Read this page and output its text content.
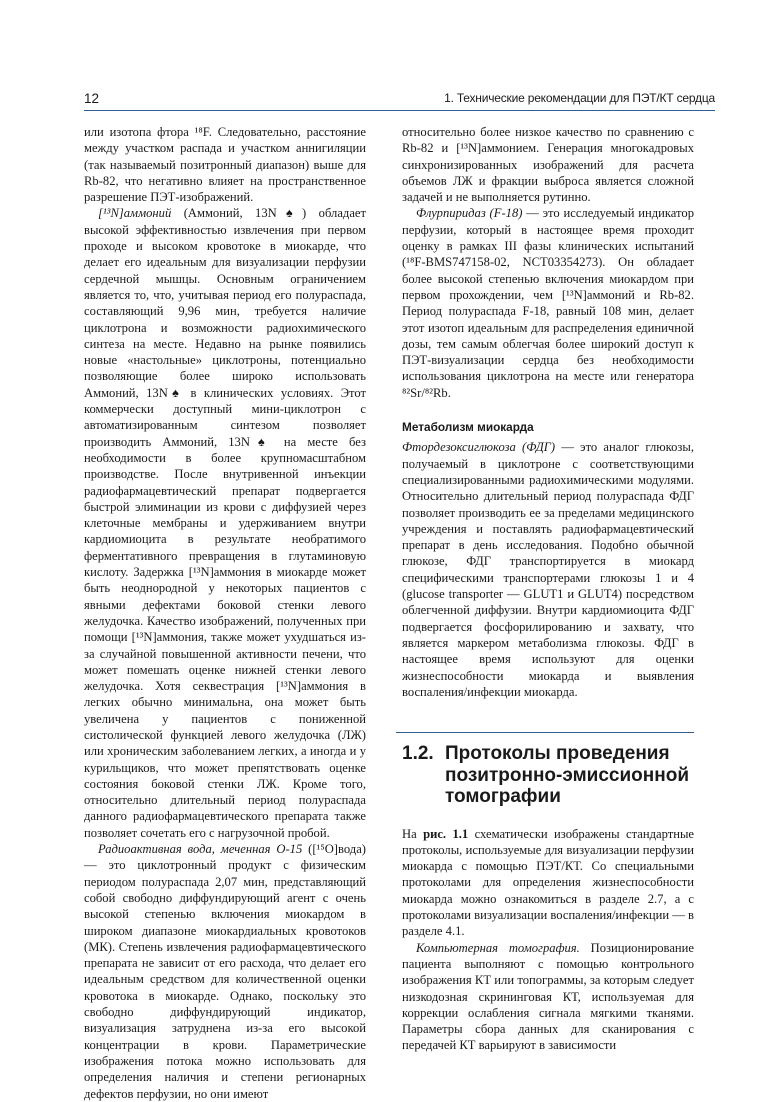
12	1. Технические рекомендации для ПЭТ/КТ сердца

или изотопа фтора ¹⁸F. Следовательно, расстояние между участком распада и участком аннигиляции (так называемый позитронный диапазон) выше для Rb-82, что негативно влияет на пространственное разрешение ПЭТ-изображений.

[¹³N]аммоний (Аммоний, 13N♠) обладает высокой эффективностью извлечения при первом проходе и высоком кровотоке в миокарде, что делает его идеальным для визуализации перфузии сердечной мышцы. Основным ограничением является то, что, учитывая период его полураспада, составляющий 9,96 мин, требуется наличие циклотрона и возможности радиохимического синтеза на месте. Недавно на рынке появились новые «настольные» циклотроны, потенциально позволяющие более широко использовать Аммоний, 13N♠ в клинических условиях. Этот коммерчески доступный мини-циклотрон с автоматизированным синтезом позволяет производить Аммоний, 13N♠ на месте без необходимости в более крупномасштабном производстве. После внутривенной инъекции радиофармацевтический препарат подвергается быстрой элиминации из крови с диффузией через клеточные мембраны и удерживанием внутри кардиомиоцита в результате необратимого ферментативного превращения в глутаминовую кислоту. Задержка [¹³N]аммония в миокарде может быть неоднородной у некоторых пациентов с явными дефектами боковой стенки левого желудочка. Качество изображений, полученных при помощи [¹³N]аммония, также может ухудшаться из-за случайной повышенной активности печени, что может помешать оценке нижней стенки левого желудочка. Хотя секвестрация [¹³N]аммония в легких обычно минимальна, она может быть увеличена у пациентов с пониженной систолической функцией левого желудочка (ЛЖ) или хроническим заболеванием легких, а иногда и у курильщиков, что может препятствовать оценке состояния боковой стенки ЛЖ. Кроме того, относительно длительный период полураспада данного радиофармацевтического препарата также позволяет сочетать его с нагрузочной пробой.

Радиоактивная вода, меченная О-15 ([¹⁵O]вода) — это циклотронный продукт с физическим периодом полураспада 2,07 мин, представляющий собой свободно диффундирующий агент с очень высокой степенью включения миокардом в широком диапазоне миокардиальных кровотоков (МК). Степень извлечения радиофармацевтического препарата не зависит от его расхода, что делает его идеальным средством для количественной оценки кровотока в миокарде. Однако, поскольку это свободно диффундирующий индикатор, визуализация затруднена из-за его высокой концентрации в крови. Параметрические изображения потока можно использовать для определения наличия и степени регионарных дефектов перфузии, но они имеют

относительно более низкое качество по сравнению с Rb-82 и [¹³N]аммонием. Генерация многокадровых синхронизированных изображений для расчета объемов ЛЖ и фракции выброса является сложной задачей и не выполняется рутинно.

Флурпиридаз (F-18) — это исследуемый индикатор перфузии, который в настоящее время проходит оценку в рамках III фазы клинических испытаний (¹⁸F-BMS747158-02, NCT03354273). Он обладает более высокой степенью включения миокардом при первом прохождении, чем [¹³N]аммоний и Rb-82. Период полураспада F-18, равный 108 мин, делает этот изотоп идеальным для распределения единичной дозы, тем самым облегчая более широкий доступ к ПЭТ-визуализации сердца без необходимости использования циклотрона на месте или генератора ⁸²Sr/⁸²Rb.

Метаболизм миокарда

Фтордезоксиглюкоза (ФДГ) — это аналог глюкозы, получаемый в циклотроне с соответствующими специализированными радиохимическими модулями. Относительно длительный период полураспада ФДГ позволяет производить ее за пределами медицинского учреждения и поставлять радиофармацевтический препарат в день исследования. Подобно обычной глюкозе, ФДГ транспортируется в миокард специфическими транспортерами глюкозы 1 и 4 (glucose transporter — GLUT1 и GLUT4) посредством облегченной диффузии. Внутри кардиомиоцита ФДГ подвергается фосфорилированию и захвату, что является маркером метаболизма глюкозы. ФДГ в настоящее время используют для оценки жизнеспособности миокарда и выявления воспаления/инфекции миокарда.

1.2. Протоколы проведения позитронно-эмиссионной томографии

На рис. 1.1 схематически изображены стандартные протоколы, используемые для визуализации перфузии миокарда с помощью ПЭТ/КТ. Со специальными протоколами для определения жизнеспособности миокарда можно ознакомиться в разделе 2.7, а с протоколами визуализации воспаления/инфекции — в разделе 4.1.

Компьютерная томография. Позиционирование пациента выполняют с помощью контрольного изображения КТ или топограммы, за которым следует низкодозная скрининговая КТ, используемая для коррекции ослабления сигнала мягкими тканями. Параметры сбора данных для сканирования с передачей КТ варьируют в зависимости
